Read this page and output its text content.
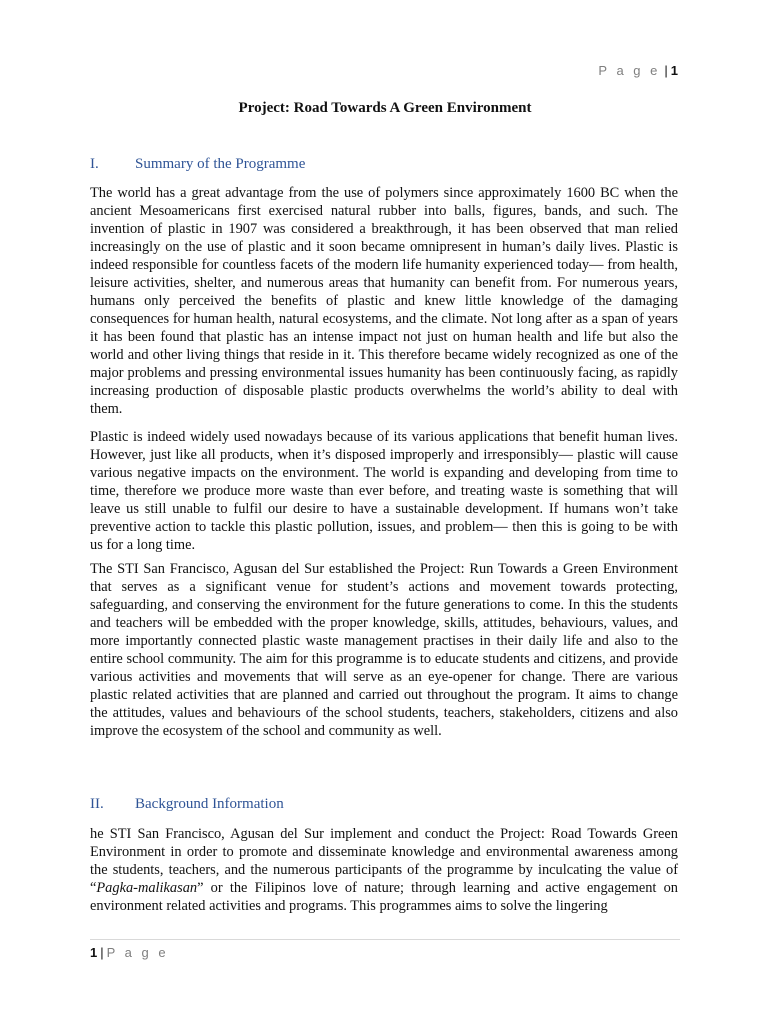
P a g e | 1
Project: Road Towards A Green Environment
I. Summary of the Programme

The world has a great advantage from the use of polymers since approximately 1600 BC when the ancient Mesoamericans first exercised natural rubber into balls, figures, bands, and such. The invention of plastic in 1907 was considered a breakthrough, it has been observed that man relied increasingly on the use of plastic and it soon became omnipresent in human’s daily lives. Plastic is indeed responsible for countless facets of the modern life humanity experienced today— from health, leisure activities, shelter, and numerous areas that humanity can benefit from. For numerous years, humans only perceived the benefits of plastic and knew little knowledge of the damaging consequences for human health, natural ecosystems, and the climate. Not long after as a span of years it has been found that plastic has an intense impact not just on human health and life but also the world and other living things that reside in it. This therefore became widely recognized as one of the major problems and pressing environmental issues humanity has been continuously facing, as rapidly increasing production of disposable plastic products overwhelms the world’s ability to deal with them.

Plastic is indeed widely used nowadays because of its various applications that benefit human lives. However, just like all products, when it’s disposed improperly and irresponsibly— plastic will cause various negative impacts on the environment. The world is expanding and developing from time to time, therefore we produce more waste than ever before, and treating waste is something that will leave us still unable to fulfil our desire to have a sustainable development. If humans won’t take preventive action to tackle this plastic pollution, issues, and problem— then this is going to be with us for a long time.

The STI San Francisco, Agusan del Sur established the Project: Run Towards a Green Environment that serves as a significant venue for student’s actions and movement towards protecting, safeguarding, and conserving the environment for the future generations to come. In this the students and teachers will be embedded with the proper knowledge, skills, attitudes, behaviours, values, and more importantly connected plastic waste management practises in their daily life and also to the entire school community. The aim for this programme is to educate students and citizens, and provide various activities and movements that will serve as an eye-opener for change. There are various plastic related activities that are planned and carried out throughout the program. It aims to change the attitudes, values and behaviours of the school students, teachers, stakeholders, citizens and also improve the ecosystem of the school and community as well.

II. Background Information

he STI San Francisco, Agusan del Sur implement and conduct the Project: Road Towards Green Environment in order to promote and disseminate knowledge and environmental awareness among the students, teachers, and the numerous participants of the programme by inculcating the value of “Pagka-malikasan” or the Filipinos love of nature; through learning and active engagement on environment related activities and programs. This programmes aims to solve the lingering

1 | P a g e
